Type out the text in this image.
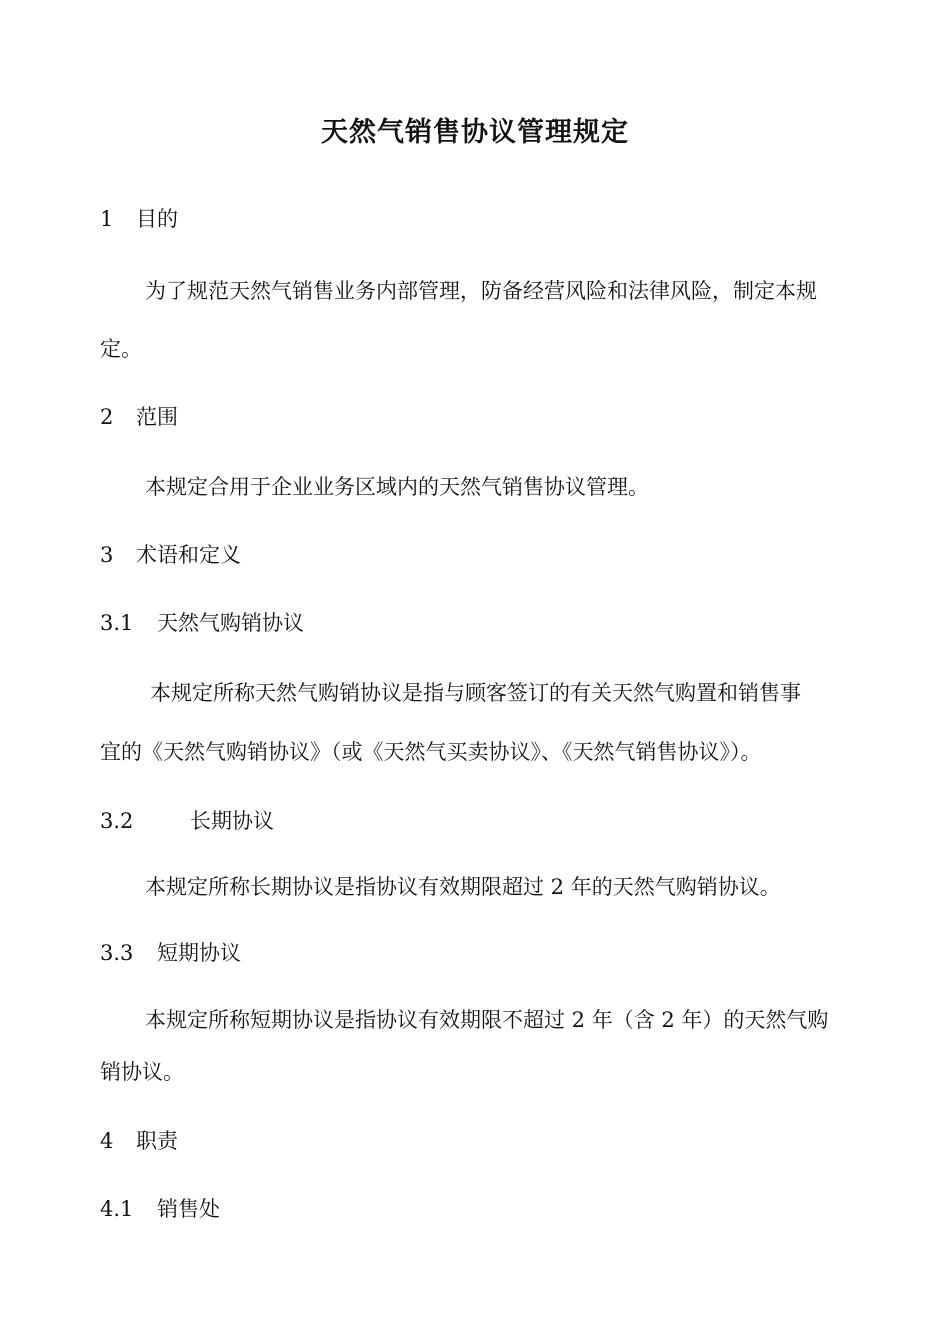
天然气销售协议管理规定
1 目的
为了规范天然气销售业务内部管理，防备经营风险和法律风险，制定本规
定。
2 范围
本规定合用于企业业务区域内的天然气销售协议管理。
3 术语和定义
3.1 天然气购销协议
本规定所称天然气购销协议是指与顾客签订的有关天然气购置和销售事
宜的《天然气购销协议》（或《天然气买卖协议》、《天然气销售协议》）。
3.2	长期协议
本规定所称长期协议是指协议有效期限超过 2 年的天然气购销协议。
3.3 短期协议
本规定所称短期协议是指协议有效期限不超过 2 年（含 2 年）的天然气购
销协议。
4 职责
4.1 销售处
